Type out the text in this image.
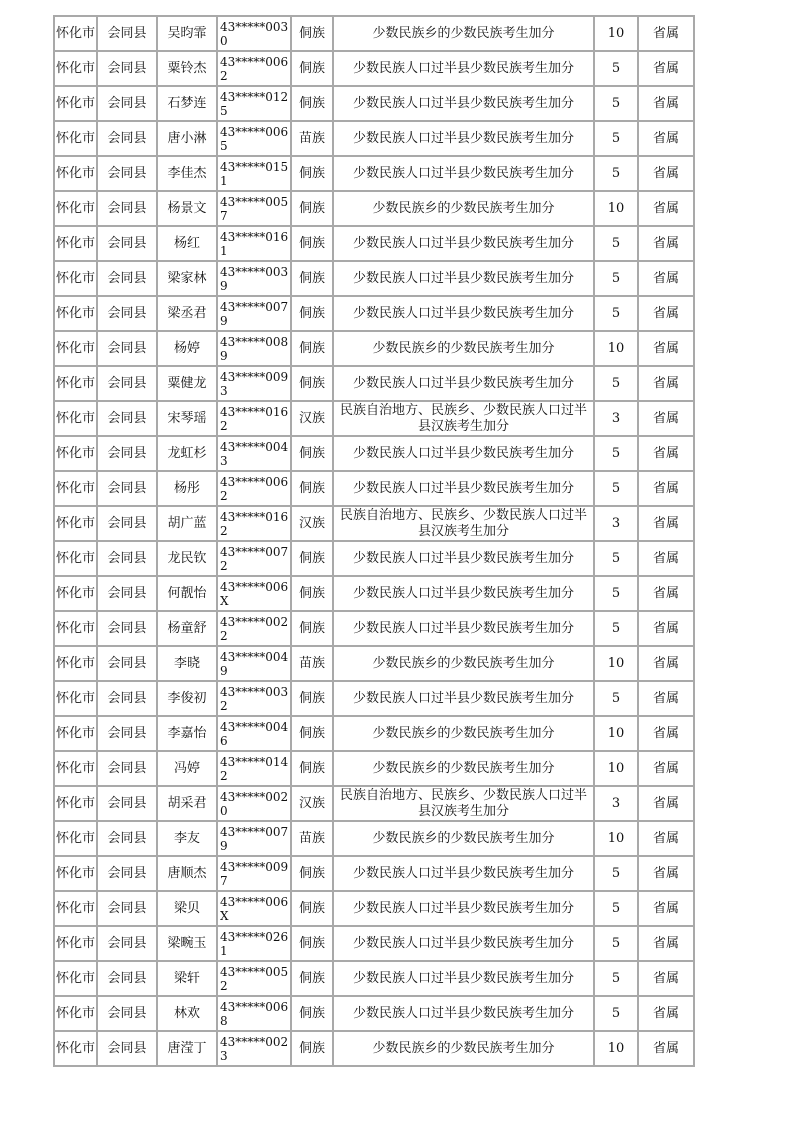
怀化市	会同县	吴昀霏	43*****0030	侗族	少数民族乡的少数民族考生加分	10	省属
怀化市	会同县	粟铃杰	43*****0062	侗族	少数民族人口过半县少数民族考生加分	5	省属
怀化市	会同县	石梦连	43*****0125	侗族	少数民族人口过半县少数民族考生加分	5	省属
怀化市	会同县	唐小淋	43*****0065	苗族	少数民族人口过半县少数民族考生加分	5	省属
怀化市	会同县	李佳杰	43*****0151	侗族	少数民族人口过半县少数民族考生加分	5	省属
怀化市	会同县	杨景文	43*****0057	侗族	少数民族乡的少数民族考生加分	10	省属
怀化市	会同县	杨红	43*****0161	侗族	少数民族人口过半县少数民族考生加分	5	省属
怀化市	会同县	梁家林	43*****0039	侗族	少数民族人口过半县少数民族考生加分	5	省属
怀化市	会同县	梁丞君	43*****0079	侗族	少数民族人口过半县少数民族考生加分	5	省属
怀化市	会同县	杨婷	43*****0089	侗族	少数民族乡的少数民族考生加分	10	省属
怀化市	会同县	粟健龙	43*****0093	侗族	少数民族人口过半县少数民族考生加分	5	省属
怀化市	会同县	宋琴瑶	43*****0162	汉族	民族自治地方、民族乡、少数民族人口过半县汉族考生加分	3	省属
怀化市	会同县	龙虹杉	43*****0043	侗族	少数民族人口过半县少数民族考生加分	5	省属
怀化市	会同县	杨彤	43*****0062	侗族	少数民族人口过半县少数民族考生加分	5	省属
怀化市	会同县	胡广蓝	43*****0162	汉族	民族自治地方、民族乡、少数民族人口过半县汉族考生加分	3	省属
怀化市	会同县	龙民钦	43*****0072	侗族	少数民族人口过半县少数民族考生加分	5	省属
怀化市	会同县	何靓怡	43*****006X	侗族	少数民族人口过半县少数民族考生加分	5	省属
怀化市	会同县	杨童舒	43*****0022	侗族	少数民族人口过半县少数民族考生加分	5	省属
怀化市	会同县	李晓	43*****0049	苗族	少数民族乡的少数民族考生加分	10	省属
怀化市	会同县	李俊初	43*****0032	侗族	少数民族人口过半县少数民族考生加分	5	省属
怀化市	会同县	李嘉怡	43*****0046	侗族	少数民族乡的少数民族考生加分	10	省属
怀化市	会同县	冯婷	43*****0142	侗族	少数民族乡的少数民族考生加分	10	省属
怀化市	会同县	胡采君	43*****0020	汉族	民族自治地方、民族乡、少数民族人口过半县汉族考生加分	3	省属
怀化市	会同县	李友	43*****0079	苗族	少数民族乡的少数民族考生加分	10	省属
怀化市	会同县	唐顺杰	43*****0097	侗族	少数民族人口过半县少数民族考生加分	5	省属
怀化市	会同县	梁贝	43*****006X	侗族	少数民族人口过半县少数民族考生加分	5	省属
怀化市	会同县	梁畹玉	43*****0261	侗族	少数民族人口过半县少数民族考生加分	5	省属
怀化市	会同县	梁轩	43*****0052	侗族	少数民族人口过半县少数民族考生加分	5	省属
怀化市	会同县	林欢	43*****0068	侗族	少数民族人口过半县少数民族考生加分	5	省属
怀化市	会同县	唐滢丁	43*****0023	侗族	少数民族乡的少数民族考生加分	10	省属
